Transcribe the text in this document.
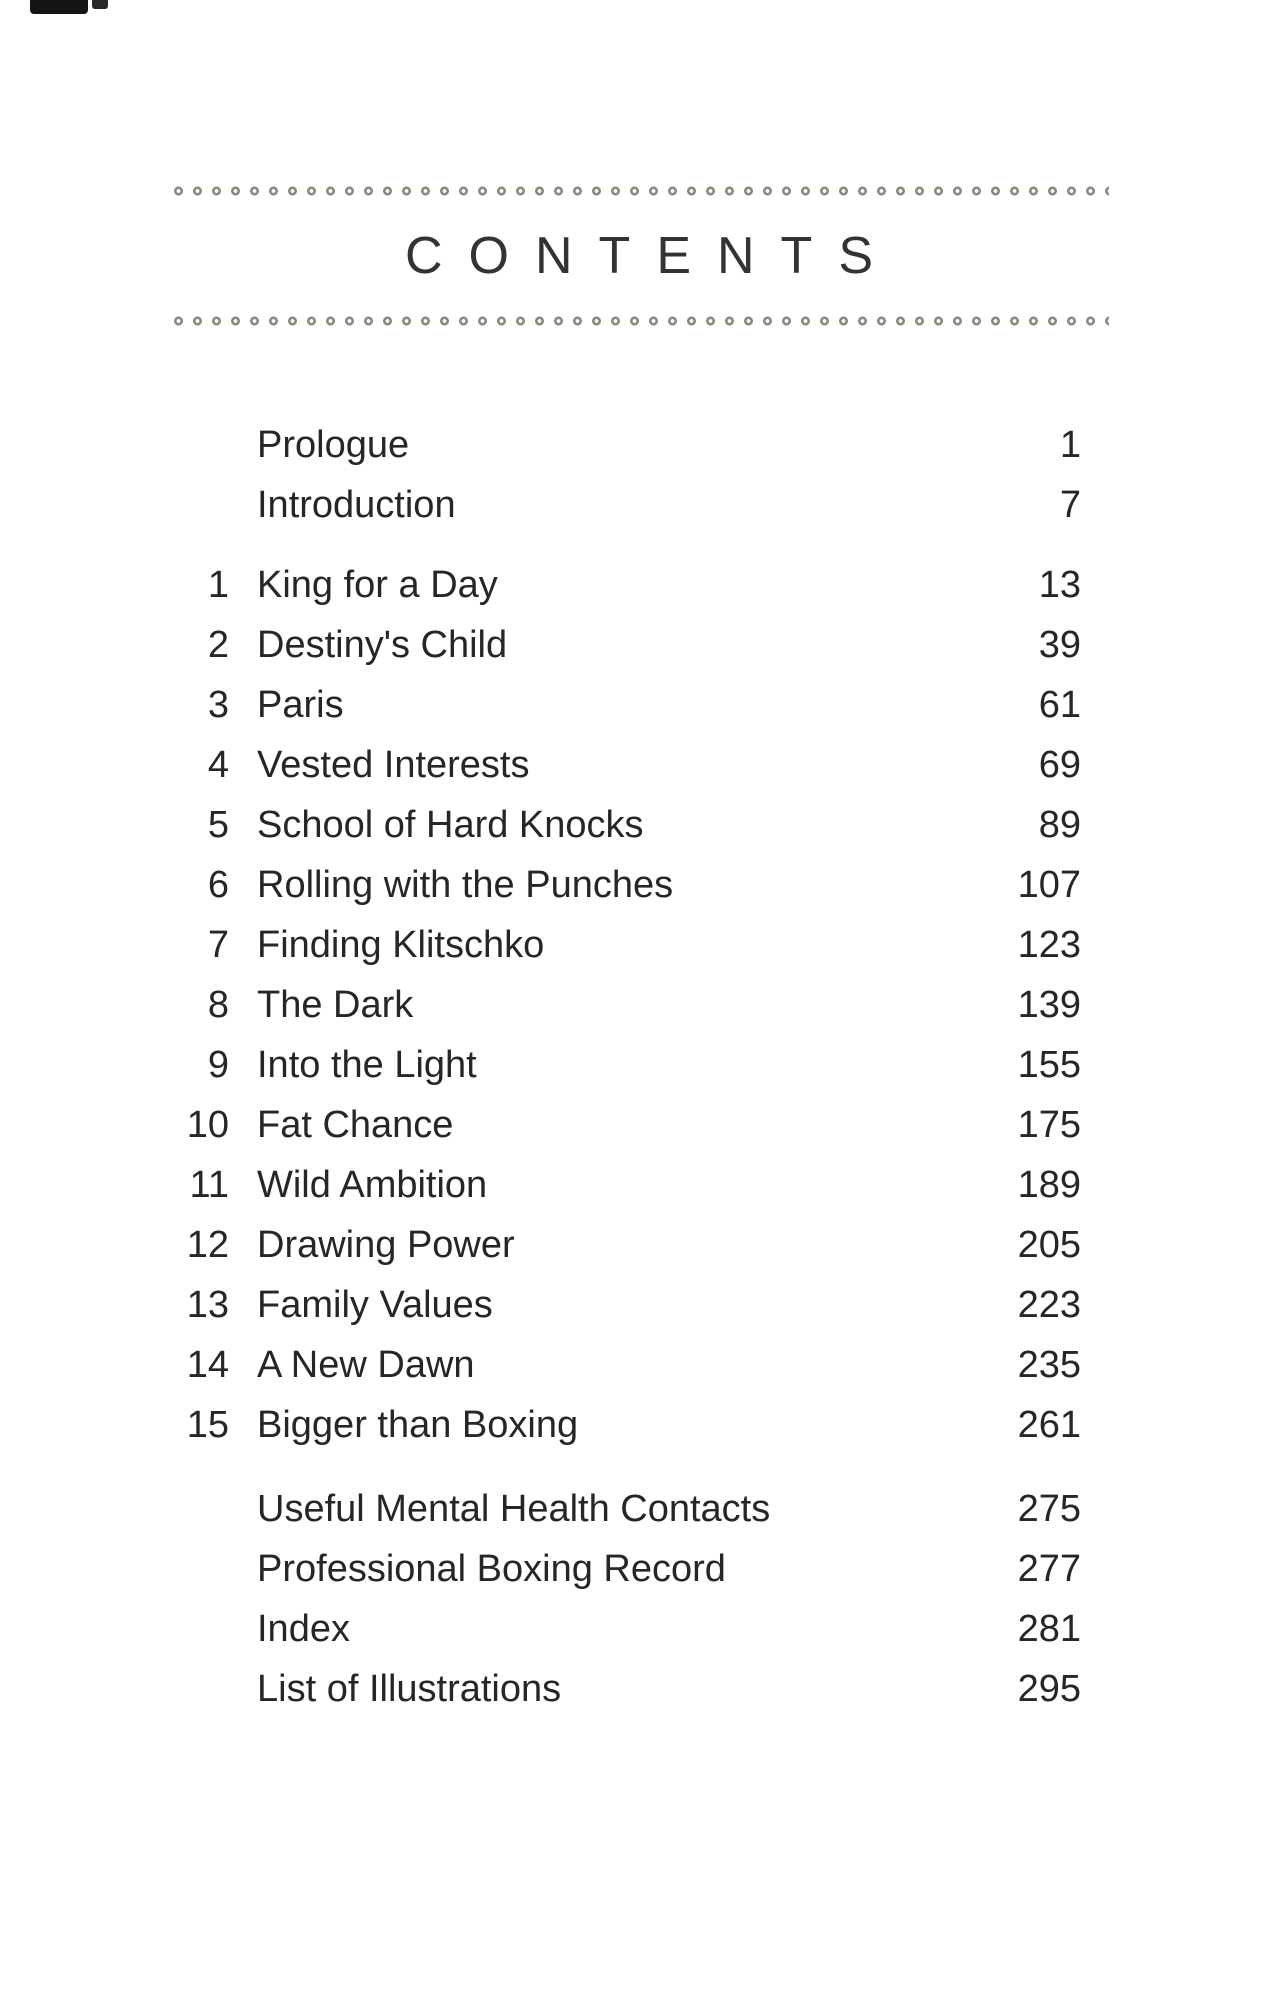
CONTENTS
Prologue	1
Introduction	7
1 King for a Day	13
2 Destiny's Child	39
3 Paris	61
4 Vested Interests	69
5 School of Hard Knocks	89
6 Rolling with the Punches	107
7 Finding Klitschko	123
8 The Dark	139
9 Into the Light	155
10 Fat Chance	175
11 Wild Ambition	189
12 Drawing Power	205
13 Family Values	223
14 A New Dawn	235
15 Bigger than Boxing	261
Useful Mental Health Contacts	275
Professional Boxing Record	277
Index	281
List of Illustrations	295
